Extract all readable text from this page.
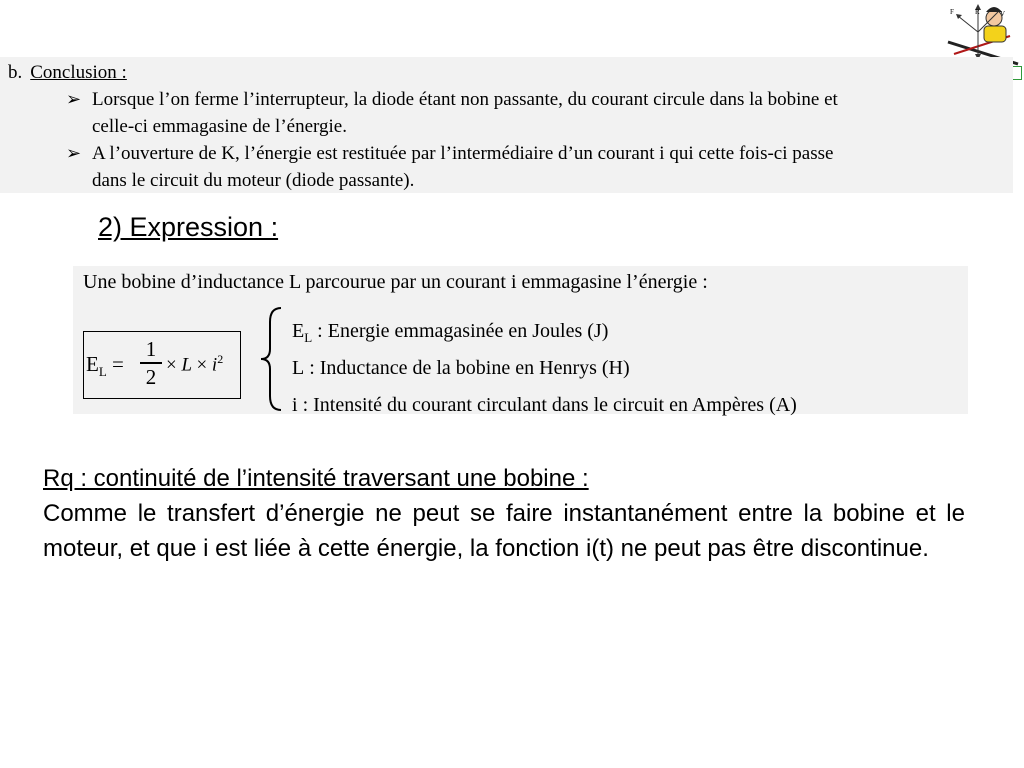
R
F	V
b. Conclusion :
➢ Lorsque l’on ferme l’interrupteur, la diode étant non passante, du courant circule dans la bobine et
celle-ci emmagasine de l’énergie.
➢ A l’ouverture de K, l’énergie est restituée par l’intermédiaire d’un courant i qui cette fois-ci passe
dans le circuit du moteur (diode passante).
2) Expression :
Une bobine d’inductance L parcourue par un courant i emmagasine l’énergie :
$E_L$ =
1
$2 \times L \times i^2$
$E_L$ : Energie emmagasinée en Joules (J)
L : Inductance de la bobine en Henrys (H)
i : Intensité du courant circulant dans le circuit en Ampères (A)

Rq : continuité de l’intensité traversant une bobine :

Comme le transfert d’énergie ne peut se faire instantanément entre la bobine et le moteur, et que i est liée à cette énergie, la fonction i(t) ne peut pas être discontinue.
